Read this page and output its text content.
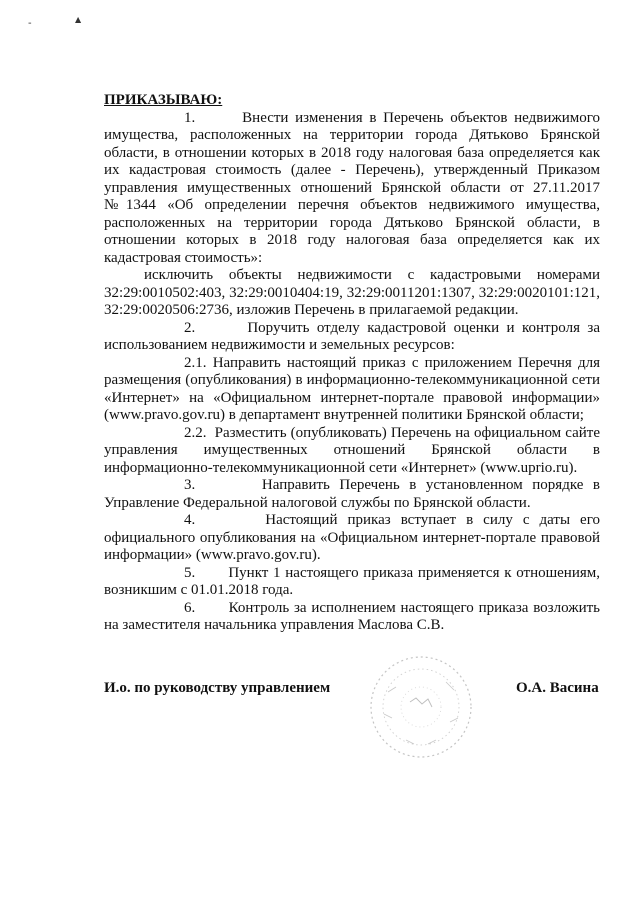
-	▲

ПРИКАЗЫВАЮ:

1.	Внести изменения в Перечень объектов недвижимого имущества, расположенных на территории города Дятьково Брянской области, в отношении которых в 2018 году налоговая база определяется как их кадастровая стоимость (далее - Перечень), утвержденный Приказом управления имущественных отношений Брянской области от 27.11.2017 №1344 «Об определении перечня объектов недвижимого имущества, расположенных на территории города Дятьково Брянской области, в отношении которых в 2018 году налоговая база определяется как их кадастровая стоимость»:

исключить объекты недвижимости с кадастровыми номерами 32:29:0010502:403, 32:29:0010404:19, 32:29:0011201:1307, 32:29:0020101:121, 32:29:0020506:2736, изложив Перечень в прилагаемой редакции.

2.	Поручить отделу кадастровой оценки и контроля за использованием недвижимости и земельных ресурсов:

2.1. Направить настоящий приказ с приложением Перечня для размещения (опубликования) в информационно-телекоммуникационной сети «Интернет» на «Официальном интернет-портале правовой информации» (www.pravo.gov.ru) в департамент внутренней политики Брянской области;

2.2. Разместить (опубликовать) Перечень на официальном сайте управления имущественных отношений Брянской области в информационно-телекоммуникационной сети «Интернет» (www.uprio.ru).

3.	Направить Перечень в установленном порядке в Управление Федеральной налоговой службы по Брянской области.

4.	Настоящий приказ вступает в силу с даты его официального опубликования на «Официальном интернет-портале правовой информации» (www.pravo.gov.ru).

5. Пункт 1 настоящего приказа применяется к отношениям, возникшим с 01.01.2018 года.

6. Контроль за исполнением настоящего приказа возложить на заместителя начальника управления Маслова С.В.

И.о. по руководству управлением	О.А. Васина
